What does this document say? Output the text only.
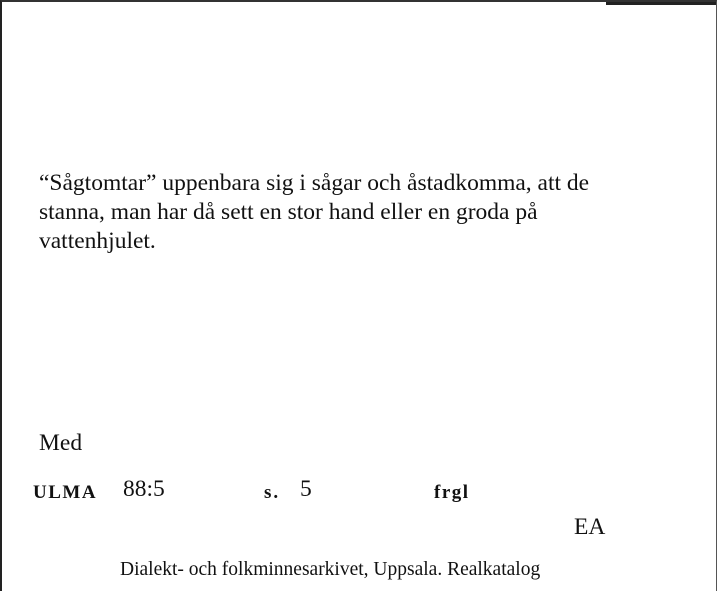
“Sågtomtar” uppenbara sig i sågar och åstadkomma, att de
stanna, man har då sett en stor hand eller en groda på
vattenhjulet.
Med
ULMA 88:5	s. 5	frgl
EA
Dialekt- och folkminnesarkivet, Uppsala. Realkatalog
